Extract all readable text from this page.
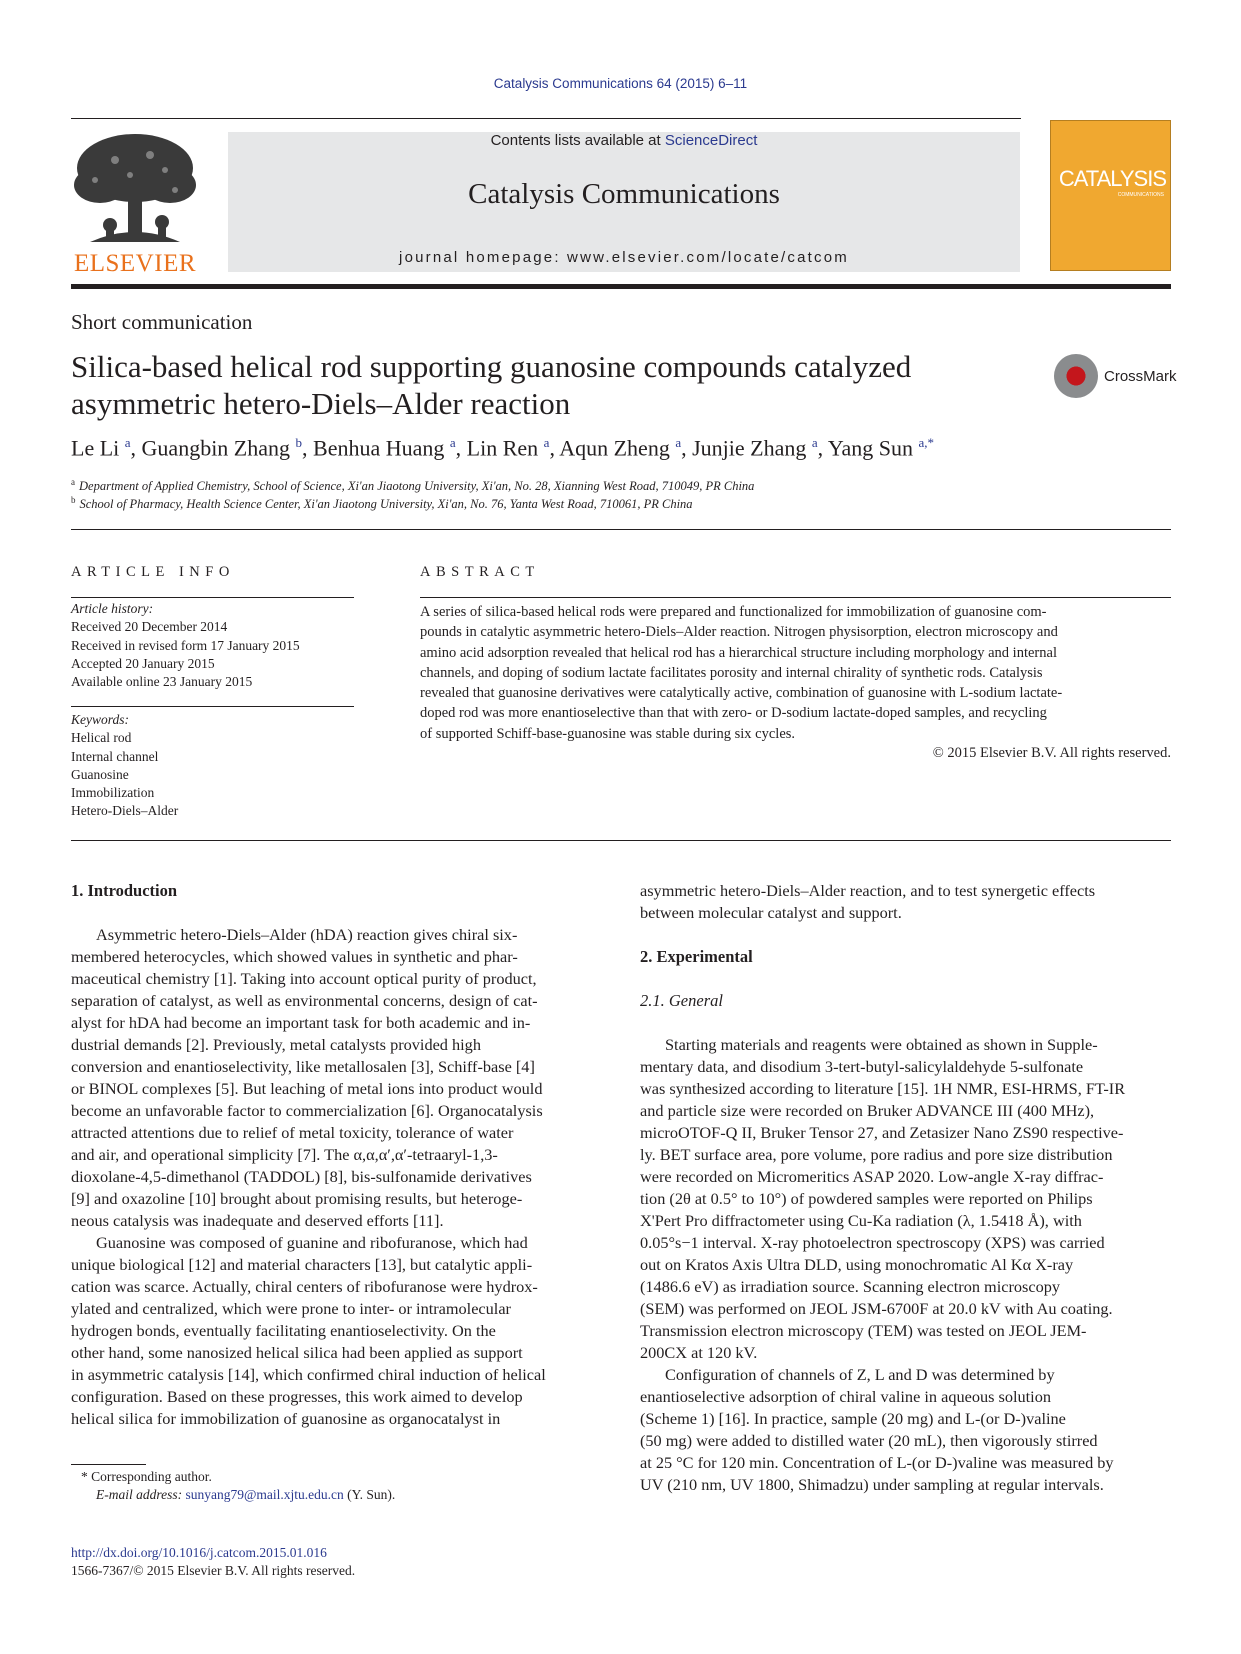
Catalysis Communications 64 (2015) 6–11
ELSEVIER
Contents lists available at ScienceDirect
Catalysis Communications
journal homepage: www.elsevier.com/locate/catcom
CATALYSIS
COMMUNICATIONS
Short communication
Silica-based helical rod supporting guanosine compounds catalyzed
asymmetric hetero-Diels–Alder reaction
CrossMark
Le Li $^a$, Guangbin Zhang $^b$, Benhua Huang $^a$, Lin Ren $^a$, Aqun Zheng $^a$, Junjie Zhang $^a$, Yang Sun $^{a,*}$
$^a$ Department of Applied Chemistry, School of Science, Xi'an Jiaotong University, Xi'an, No. 28, Xianning West Road, 710049, PR China
$^b$ School of Pharmacy, Health Science Center, Xi'an Jiaotong University, Xi'an, No. 76, Yanta West Road, 710061, PR China
ARTICLE INFO
Article history:
Received 20 December 2014
Received in revised form 17 January 2015
Accepted 20 January 2015
Available online 23 January 2015
Keywords:
Helical rod
Internal channel
Guanosine
Immobilization
Hetero-Diels–Alder
ABSTRACT
A series of silica-based helical rods were prepared and functionalized for immobilization of guanosine com-
pounds in catalytic asymmetric hetero-Diels–Alder reaction. Nitrogen physisorption, electron microscopy and
amino acid adsorption revealed that helical rod has a hierarchical structure including morphology and internal
channels, and doping of sodium lactate facilitates porosity and internal chirality of synthetic rods. Catalysis
revealed that guanosine derivatives were catalytically active, combination of guanosine with L-sodium lactate-
doped rod was more enantioselective than that with zero- or D-sodium lactate-doped samples, and recycling
of supported Schiff-base-guanosine was stable during six cycles.
© 2015 Elsevier B.V. All rights reserved.
1. Introduction
Asymmetric hetero-Diels–Alder (hDA) reaction gives chiral six-
membered heterocycles, which showed values in synthetic and phar-
maceutical chemistry [1]. Taking into account optical purity of product,
separation of catalyst, as well as environmental concerns, design of cat-
alyst for hDA had become an important task for both academic and in-
dustrial demands [2]. Previously, metal catalysts provided high
conversion and enantioselectivity, like metallosalen [3], Schiff-base [4]
or BINOL complexes [5]. But leaching of metal ions into product would
become an unfavorable factor to commercialization [6]. Organocatalysis
attracted attentions due to relief of metal toxicity, tolerance of water
and air, and operational simplicity [7]. The α,α,α′,α′-tetraaryl-1,3-
dioxolane-4,5-dimethanol (TADDOL) [8], bis-sulfonamide derivatives
[9] and oxazoline [10] brought about promising results, but heteroge-
neous catalysis was inadequate and deserved efforts [11].
Guanosine was composed of guanine and ribofuranose, which had
unique biological [12] and material characters [13], but catalytic appli-
cation was scarce. Actually, chiral centers of ribofuranose were hydrox-
ylated and centralized, which were prone to inter- or intramolecular
hydrogen bonds, eventually facilitating enantioselectivity. On the
other hand, some nanosized helical silica had been applied as support
in asymmetric catalysis [14], which confirmed chiral induction of helical
configuration. Based on these progresses, this work aimed to develop
helical silica for immobilization of guanosine as organocatalyst in
asymmetric hetero-Diels–Alder reaction, and to test synergetic effects
between molecular catalyst and support.
2. Experimental
2.1. General
Starting materials and reagents were obtained as shown in Supple-
mentary data, and disodium 3-tert-butyl-salicylaldehyde 5-sulfonate
was synthesized according to literature [15]. 1H NMR, ESI-HRMS, FT-IR
and particle size were recorded on Bruker ADVANCE III (400 MHz),
microOTOF-Q II, Bruker Tensor 27, and Zetasizer Nano ZS90 respective-
ly. BET surface area, pore volume, pore radius and pore size distribution
were recorded on Micromeritics ASAP 2020. Low-angle X-ray diffrac-
tion (2θ at 0.5° to 10°) of powdered samples were reported on Philips
X'Pert Pro diffractometer using Cu-Ka radiation (λ, 1.5418 Å), with
0.05°s−1 interval. X-ray photoelectron spectroscopy (XPS) was carried
out on Kratos Axis Ultra DLD, using monochromatic Al Kα X-ray
(1486.6 eV) as irradiation source. Scanning electron microscopy
(SEM) was performed on JEOL JSM-6700F at 20.0 kV with Au coating.
Transmission electron microscopy (TEM) was tested on JEOL JEM-
200CX at 120 kV.
Configuration of channels of Z, L and D was determined by
enantioselective adsorption of chiral valine in aqueous solution
(Scheme 1) [16]. In practice, sample (20 mg) and L-(or D-)valine
(50 mg) were added to distilled water (20 mL), then vigorously stirred
at 25 °C for 120 min. Concentration of L-(or D-)valine was measured by
UV (210 nm, UV 1800, Shimadzu) under sampling at regular intervals.
* Corresponding author.
E-mail address: sunyang79@mail.xjtu.edu.cn (Y. Sun).
http://dx.doi.org/10.1016/j.catcom.2015.01.016
1566-7367/© 2015 Elsevier B.V. All rights reserved.
